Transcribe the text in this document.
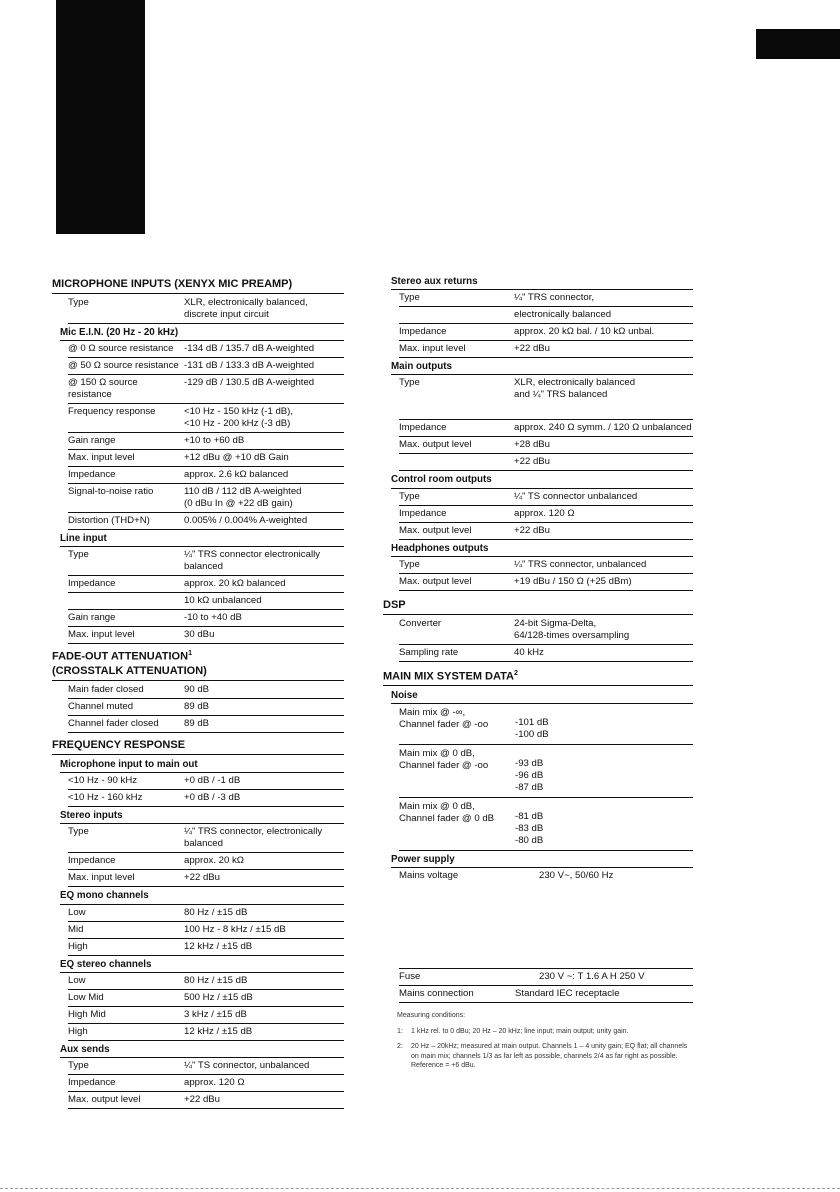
MICROPHONE INPUTS (XENYX MIC PREAMP)
Type	XLR, electronically balanced,
discrete input circuit
Mic E.I.N. (20 Hz - 20 kHz)
@ 0 Ω source resistance	-134 dB / 135.7 dB A-weighted
@ 50 Ω source resistance -131 dB / 133.3 dB A-weighted
@ 150 Ω source resistance
-129 dB / 130.5 dB A-weighted
Frequency response	<10 Hz - 150 kHz (-1 dB),
<10 Hz - 200 kHz (-3 dB)
Gain range	+10 to +60 dB
Max. input level	+12 dBu @ +10 dB Gain
Impedance	approx. 2.6 kΩ balanced
Signal-to-noise ratio	110 dB / 112 dB A-weighted
(0 dBu In @ +22 dB gain)
Distortion (THD+N)	0.005% / 0.004% A-weighted
Line input
Type	¼" TRS connector electronically balanced
Impedance	approx. 20 kΩ balanced
10 kΩ unbalanced
Gain range	-10 to +40 dB
Max. input level	30 dBu
FADE-OUT ATTENUATION$^1$
(CROSSTALK ATTENUATION)
Main fader closed	90 dB
Channel muted	89 dB
Channel fader closed	89 dB
FREQUENCY RESPONSE
Microphone input to main out
<10 Hz - 90 kHz	+0 dB / -1 dB
<10 Hz - 160 kHz	+0 dB / -3 dB
Stereo inputs
Type	¼" TRS connector, electronically balanced
Impedance	approx. 20 kΩ
Max. input level	+22 dBu
EQ mono channels
Low	80 Hz / ±15 dB
Mid	100 Hz - 8 kHz / ±15 dB
High	12 kHz / ±15 dB
EQ stereo channels
Low	80 Hz / ±15 dB
Low Mid	500 Hz / ±15 dB
High Mid	3 kHz / ±15 dB
High	12 kHz / ±15 dB
Aux sends
Type	¼" TS connector, unbalanced
Impedance	approx. 120 Ω
Max. output level	+22 dBu
Stereo aux returns
Type	¼" TRS connector,
electronically balanced
Impedance	approx. 20 kΩ bal. / 10 kΩ unbal.
Max. input level	+22 dBu
Main outputs
Type	XLR, electronically balanced
and ¼" TRS balanced
Impedance	approx. 240 Ω symm. / 120 Ω unbalanced
Max. output level	+28 dBu
+22 dBu
Control room outputs
Type	¼" TS connector unbalanced
Impedance	approx. 120 Ω
Max. output level	+22 dBu
Headphones outputs
Type	¼" TRS connector, unbalanced
Max. output level	+19 dBu / 150 Ω (+25 dBm)
DSP
Converter	24-bit Sigma-Delta,
64/128-times oversampling
Sampling rate	40 kHz
MAIN MIX SYSTEM DATA$^2$
Noise
Main mix @ -∞,
Channel fader @ -oo	-101 dB
-100 dB
Main mix @ 0 dB,
Channel fader @ -oo	-93 dB
-96 dB
-87 dB
Main mix @ 0 dB,
Channel fader @ 0 dB	-81 dB
-83 dB
-80 dB
Power supply
Mains voltage	230 V~, 50/60 Hz
Fuse	230 V ~: T 1.6 A H 250 V
Mains connection	Standard IEC receptacle
Measuring conditions:
1:	1 kHz rel. to 0 dBu; 20 Hz – 20 kHz; line input; main output; unity gain.
2:	20 Hz – 20kHz; measured at main output. Channels 1 – 4 unity gain; EQ flat; all channels on main mix; channels 1/3 as far left as possible, channels 2/4 as far right as possible. Reference = +6 dBu.
